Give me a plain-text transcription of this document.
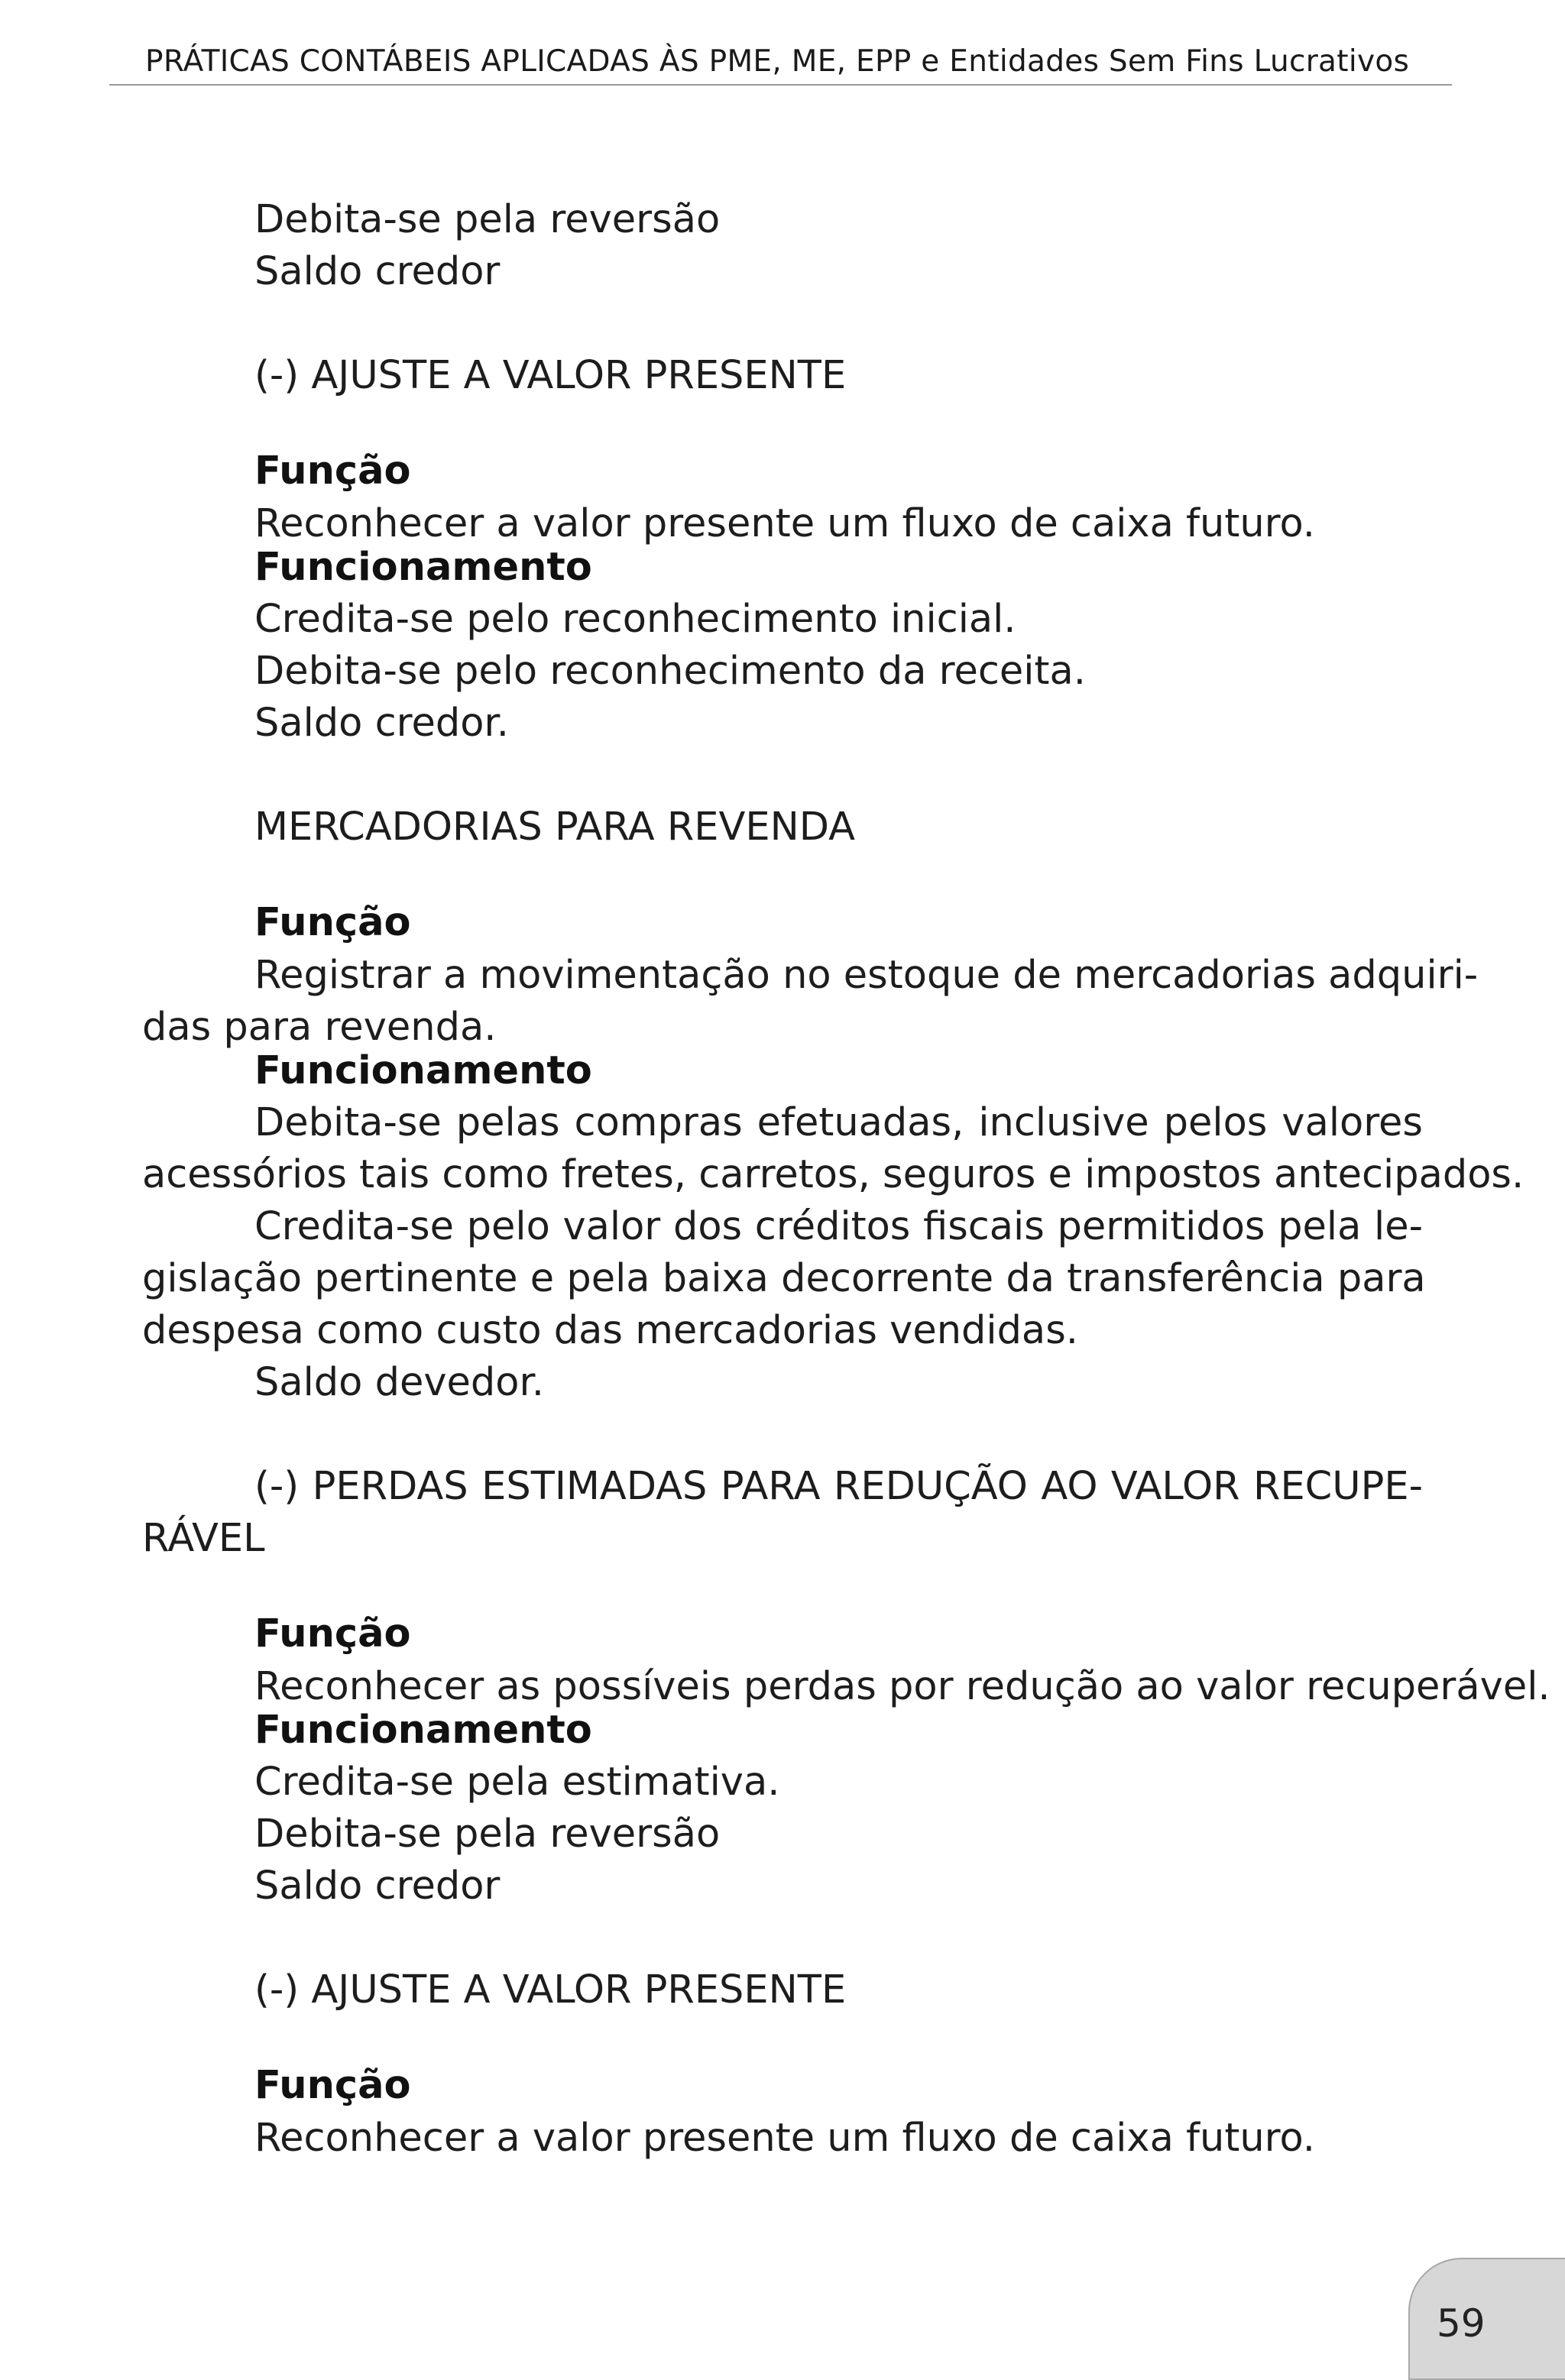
PRÁTICAS CONTÁBEIS APLICADAS ÀS PME, ME, EPP e Entidades Sem Fins Lucrativos
Debita-se pela reversão
Saldo credor
(-) AJUSTE A VALOR PRESENTE
Função
Reconhecer a valor presente um fluxo de caixa futuro.
Funcionamento
Credita-se pelo reconhecimento inicial.
Debita-se pelo reconhecimento da receita.
Saldo credor.
MERCADORIAS PARA REVENDA
Função
Registrar a movimentação no estoque de mercadorias adquiri-
das para revenda.
Funcionamento
Debita-se pelas compras efetuadas, inclusive pelos valores
acessórios tais como fretes, carretos, seguros e impostos antecipados.
Credita-se pelo valor dos créditos fiscais permitidos pela le-
gislação pertinente e pela baixa decorrente da transferência para
despesa como custo das mercadorias vendidas.
Saldo devedor.
(-) PERDAS ESTIMADAS PARA REDUÇÃO AO VALOR RECUPE-
RÁVEL
Função
Reconhecer as possíveis perdas por redução ao valor recuperável.
Funcionamento
Credita-se pela estimativa.
Debita-se pela reversão
Saldo credor
(-) AJUSTE A VALOR PRESENTE
Função
Reconhecer a valor presente um fluxo de caixa futuro.
59
